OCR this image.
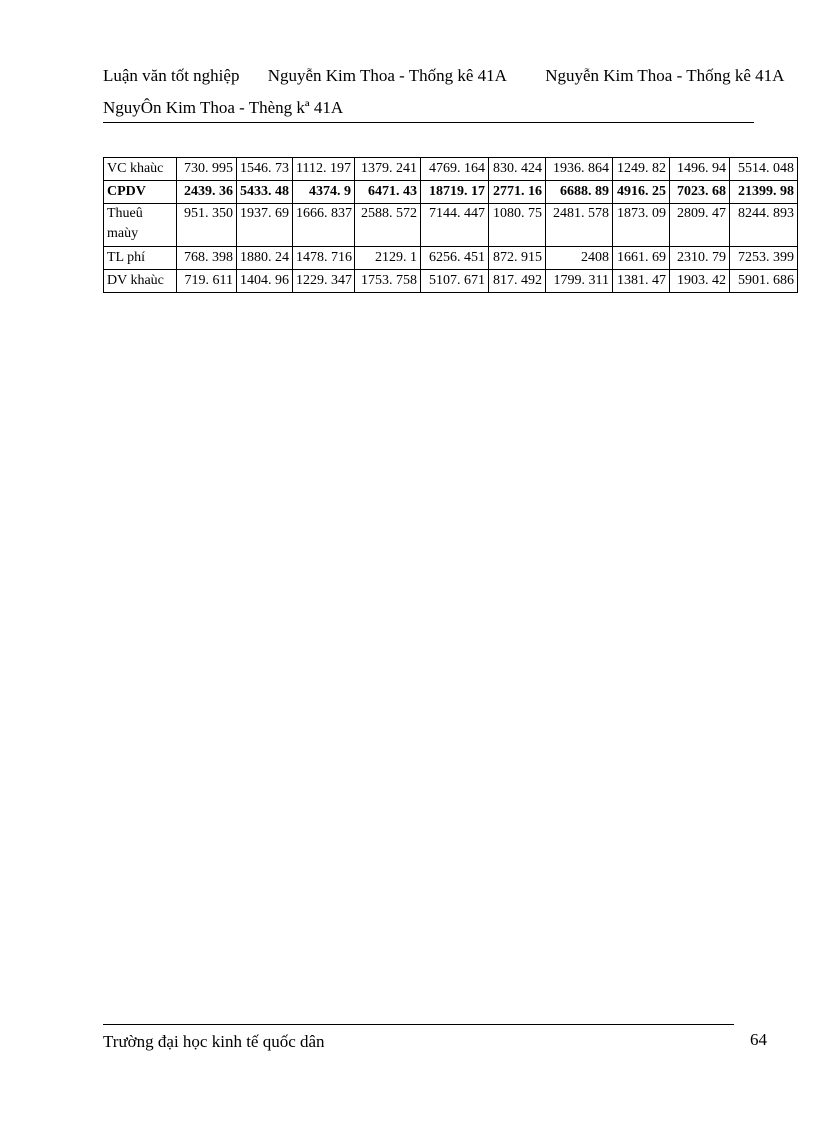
Luận văn tốt nghiệp Nguyễn Kim Thoa - Thống kê 41A Nguyễn Kim Thoa - Thống kê 41A
NguyÔn Kim Thoa - Thèng kª 41A
VC khaùc	730. 995	1546. 73	1112. 197	1379. 241	4769. 164	830. 424	1936. 864	1249. 82	1496. 94	5514. 048
CPDV	2439. 36	5433. 48	4374. 9	6471. 43	18719. 17	2771. 16	6688. 89	4916. 25	7023. 68	21399. 98
Thueû maùy	951. 350	1937. 69	1666. 837	2588. 572	7144. 447	1080. 75	2481. 578	1873. 09	2809. 47	8244. 893
TL phí	768. 398	1880. 24	1478. 716	2129. 1	6256. 451	872. 915	2408	1661. 69	2310. 79	7253. 399
DV khaùc	719. 611	1404. 96	1229. 347	1753. 758	5107. 671	817. 492	1799. 311	1381. 47	1903. 42	5901. 686
Trường đại học kinh tế quốc dân	64
